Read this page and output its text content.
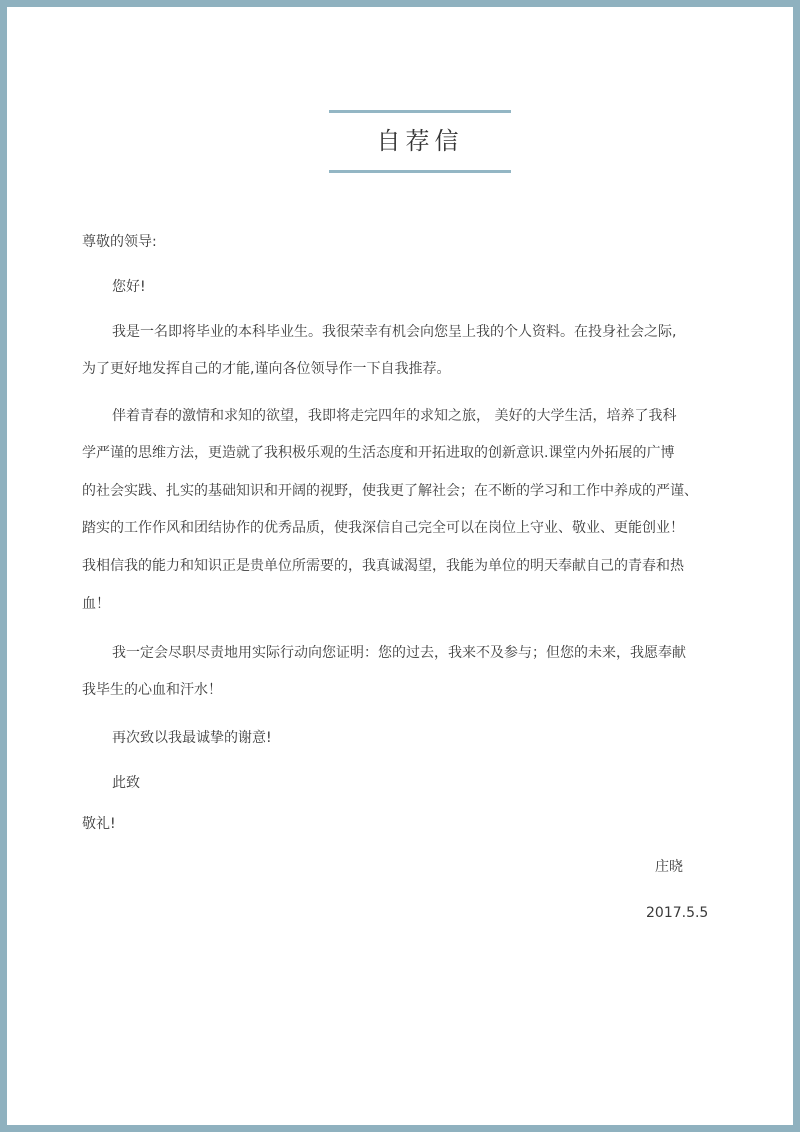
自荐信
尊敬的领导:
您好!
我是一名即将毕业的本科毕业生。我很荣幸有机会向您呈上我的个人资料。在投身社会之际,
为了更好地发挥自己的才能,谨向各位领导作一下自我推荐。
伴着青春的激情和求知的欲望，我即将走完四年的求知之旅， 美好的大学生活，培养了我科
学严谨的思维方法，更造就了我积极乐观的生活态度和开拓进取的创新意识.课堂内外拓展的广博
的社会实践、扎实的基础知识和开阔的视野，使我更了解社会；在不断的学习和工作中养成的严谨、
踏实的工作作风和团结协作的优秀品质，使我深信自己完全可以在岗位上守业、敬业、更能创业！
我相信我的能力和知识正是贵单位所需要的，我真诚渴望，我能为单位的明天奉献自己的青春和热
血！
我一定会尽职尽责地用实际行动向您证明：您的过去，我来不及参与；但您的未来，我愿奉献
我毕生的心血和汗水！
再次致以我最诚挚的谢意!
此致
敬礼!
庄晓
2017.5.5
